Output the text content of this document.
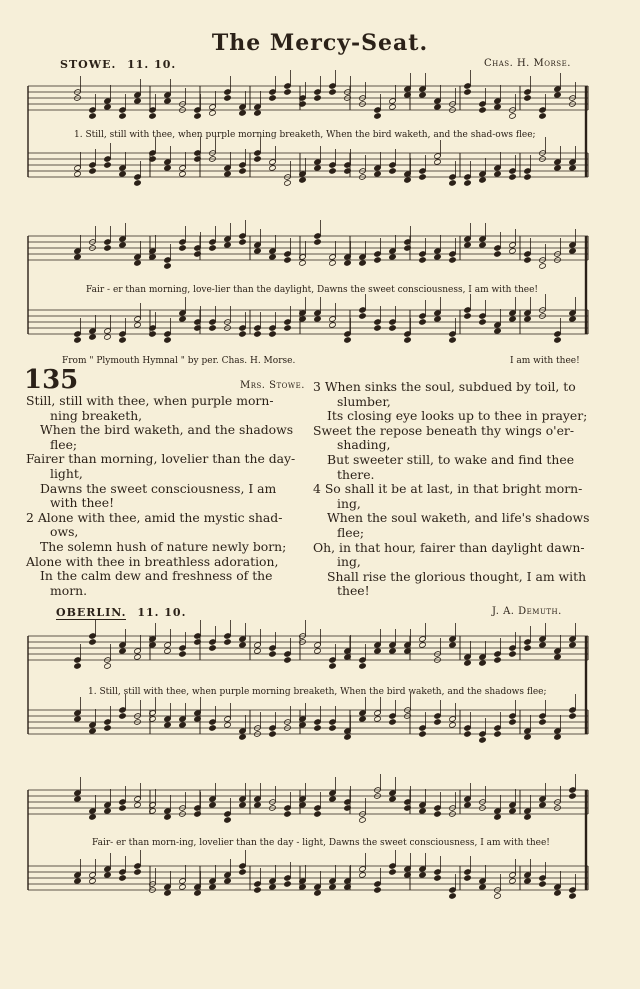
The Mercy-Seat.
STOWE. 11. 10.	Chas. H. Morse.
1. Still, still with thee, when purple morning breaketh, When the bird waketh, and the shad-ows flee;
Fair - er than morning, love-lier than the daylight, Dawns the sweet consciousness, I am with thee!
I am with thee!
From " Plymouth Hymnal " by per. Chas. H. Morse.
135	Mrs. Stowe.
Still, still with thee, when purple morn-
ning breaketh,
When the bird waketh, and the shadows
flee;
Fairer than morning, lovelier than the day-
light,
Dawns the sweet consciousness, I am
with thee!
2 Alone with thee, amid the mystic shad-
ows,
The solemn hush of nature newly born;
Alone with thee in breathless adoration,
In the calm dew and freshness of the
morn.
3 When sinks the soul, subdued by toil, to
slumber,
Its closing eye looks up to thee in prayer;
Sweet the repose beneath thy wings o'er-
shading,
But sweeter still, to wake and find thee
there.
4 So shall it be at last, in that bright morn-
ing,
When the soul waketh, and life's shadows
flee;
Oh, in that hour, fairer than daylight dawn-
ing,
Shall rise the glorious thought, I am with
thee!
OBERLIN. 11. 10.	J. A. Demuth.
1. Still, still with thee, when purple morning breaketh, When the bird waketh, and the shadows flee;
Fair- er than morn-ing, lovelier than the day - light, Dawns the sweet consciousness, I am with thee!
